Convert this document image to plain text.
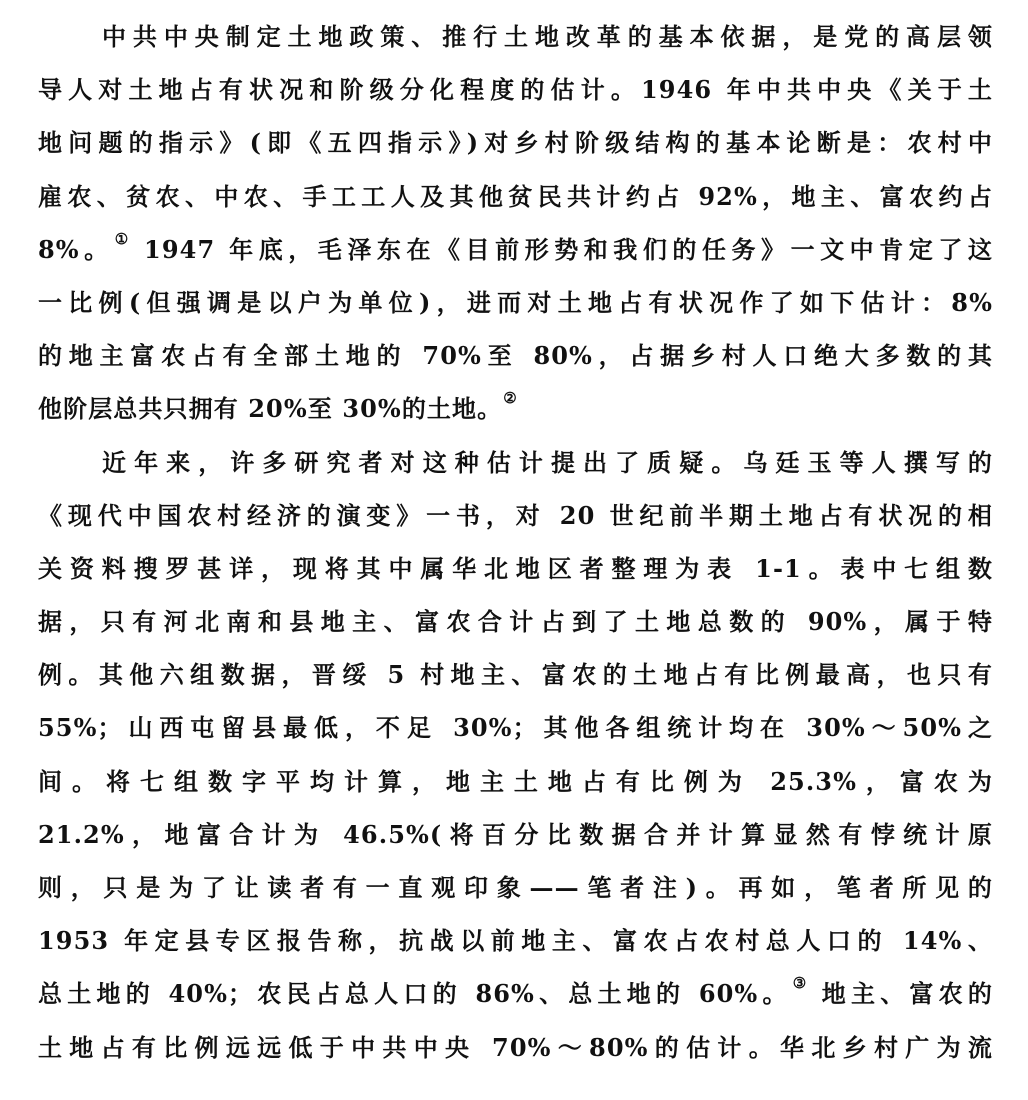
中共中央制定土地政策、推行土地改革的基本依据，是党的高层领
导人对土地占有状况和阶级分化程度的估计。1946 年中共中央《关于土
地问题的指示》(即《五四指示》)对乡村阶级结构的基本论断是：农村中
雇农、贫农、中农、手工工人及其他贫民共计约占 92%，地主、富农约占
8%。① 1947 年底，毛泽东在《目前形势和我们的任务》一文中肯定了这
一比例(但强调是以户为单位)，进而对土地占有状况作了如下估计：8%
的地主富农占有全部土地的 70%至 80%，占据乡村人口绝大多数的其
他阶层总共只拥有 20%至 30%的土地。②
近年来，许多研究者对这种估计提出了质疑。乌廷玉等人撰写的
《现代中国农村经济的演变》一书，对 20 世纪前半期土地占有状况的相
关资料搜罗甚详，现将其中属华北地区者整理为表 1-1。表中七组数
据，只有河北南和县地主、富农合计占到了土地总数的 90%，属于特
例。其他六组数据，晋绥 5 村地主、富农的土地占有比例最高，也只有
55%；山西屯留县最低，不足 30%；其他各组统计均在 30%～50%之
间。将七组数字平均计算，地主土地占有比例为 25.3%，富农为
21.2%，地富合计为 46.5%(将百分比数据合并计算显然有悖统计原
则，只是为了让读者有一直观印象——笔者注)。再如，笔者所见的
1953 年定县专区报告称，抗战以前地主、富农占农村总人口的 14%、
总土地的 40%；农民占总人口的 86%、总土地的 60%。③ 地主、富农的
土地占有比例远远低于中共中央 70%～80%的估计。华北乡村广为流
